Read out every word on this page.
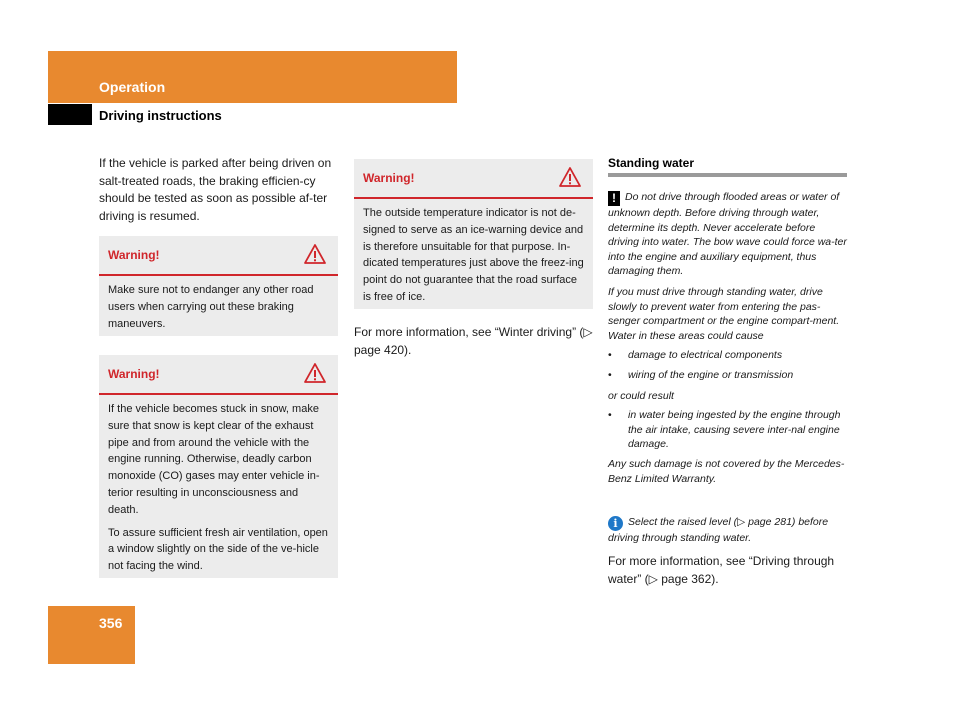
Operation
Driving instructions
If the vehicle is parked after being driven on salt-treated roads, the braking efficien-cy should be tested as soon as possible af-ter driving is resumed.
Warning!
Make sure not to endanger any other road users when carrying out these braking maneuvers.
Warning!

If the vehicle becomes stuck in snow, make sure that snow is kept clear of the exhaust pipe and from around the vehicle with the engine running. Otherwise, deadly carbon monoxide (CO) gases may enter vehicle in-terior resulting in unconsciousness and death.

To assure sufficient fresh air ventilation, open a window slightly on the side of the ve-hicle not facing the wind.

Warning!
The outside temperature indicator is not de-signed to serve as an ice-warning device and is therefore unsuitable for that purpose. In-dicated temperatures just above the freez-ing point do not guarantee that the road surface is free of ice.
For more information, see “Winter driving” (▷ page 420).
Standing water

! Do not drive through flooded areas or water of unknown depth. Before driving through water, determine its depth. Never accelerate before driving into water. The bow wave could force wa-ter into the engine and auxiliary equipment, thus damaging them.

If you must drive through standing water, drive slowly to prevent water from entering the pas-senger compartment or the engine compart-ment.

Water in these areas could cause

• damage to electrical components

• wiring of the engine or transmission

or could result

• in water being ingested by the engine through the air intake, causing severe inter-nal engine damage.

Any such damage is not covered by the Mercedes-Benz Limited Warranty.

i Select the raised level (▷ page 281) before driving through standing water.

For more information, see “Driving through water” (▷ page 362).
356
